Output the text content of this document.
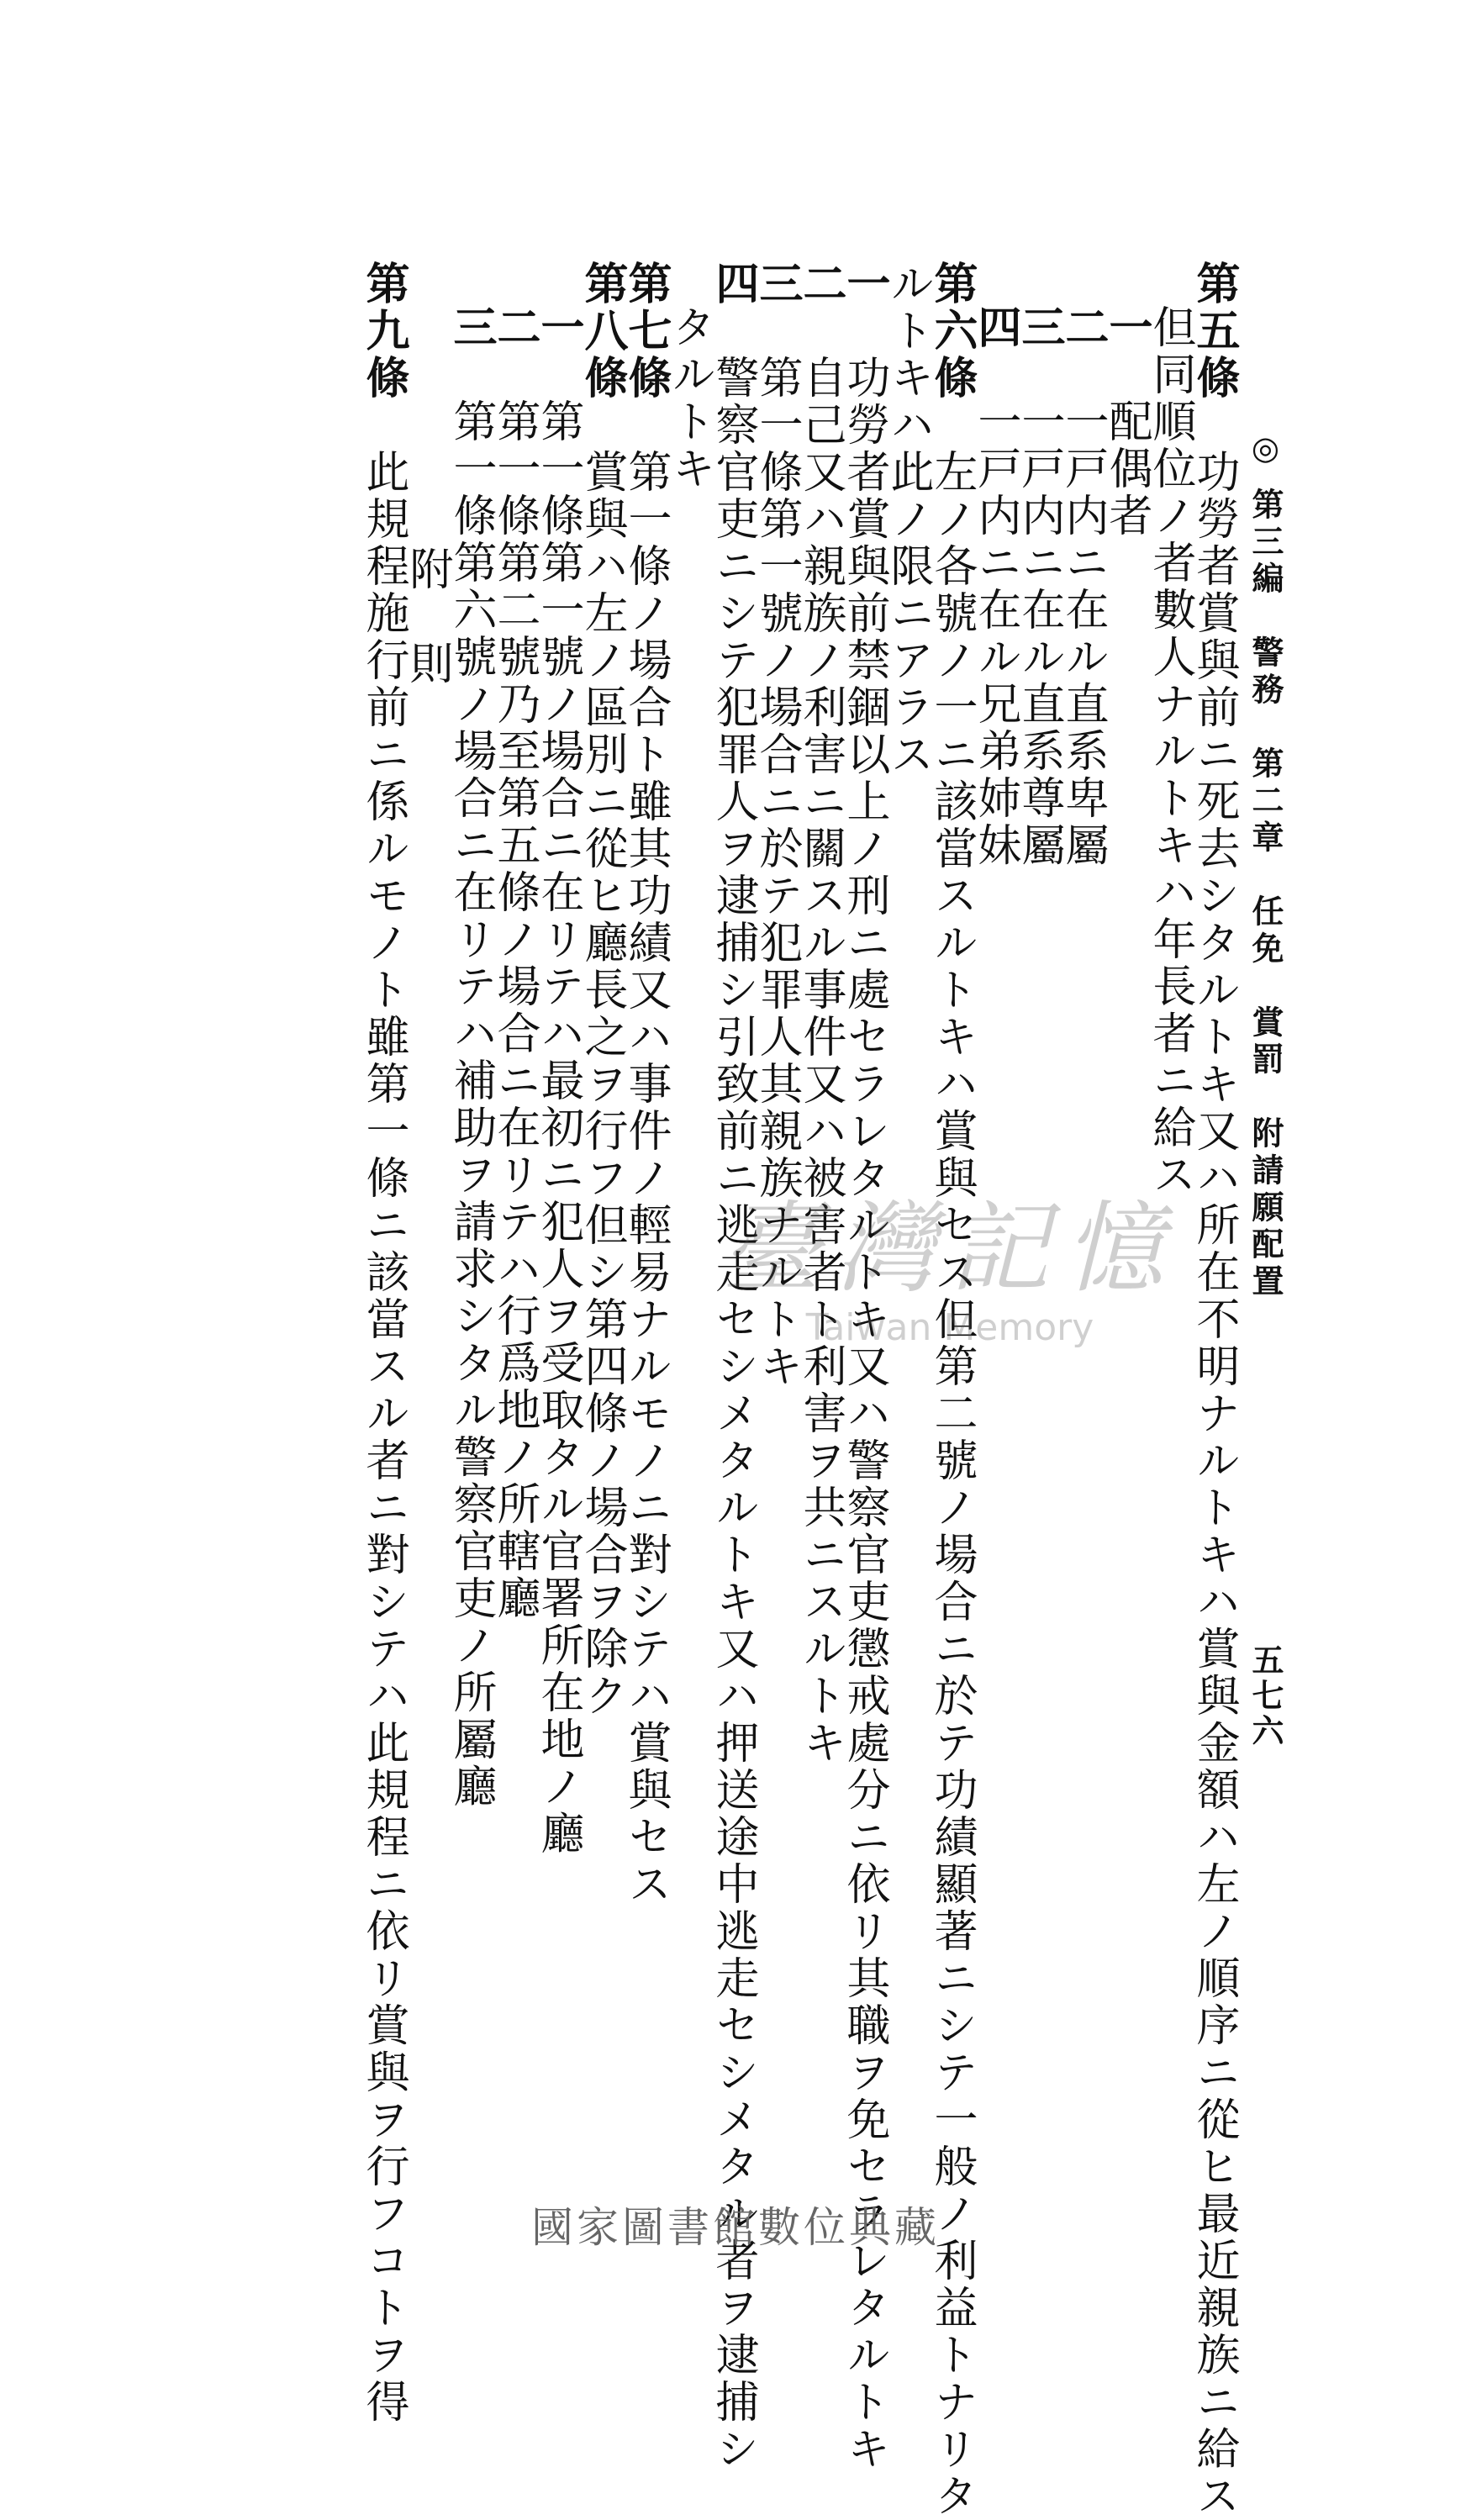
◎ 第三編　警務　第二章　任免　賞罰　附請願配置
五七六
第五條　功勞者賞與前ニ死去シタルトキ又ハ所在不明ナルトキハ賞與金額ハ左ノ順序ニ從ヒ最近親族ニ給ス
但同順位ノ者數人ナルトキハ年長者ニ給ス
一　配偶者
二　一戸内ニ在ル直系卑屬
三　一戸内ニ在ル直系尊屬
四　一戸内ニ在ル兄弟姉妹
第六條　左ノ各號ノ一ニ該當スルトキハ賞與セス但第二號ノ場合ニ於テ功績顯著ニシテ一般ノ利益トナリタ
ルトキハ此ノ限ニアラス
一　功勞者賞與前禁錮以上ノ刑ニ處セラレタルトキ又ハ警察官吏懲戒處分ニ依リ其職ヲ免セラレタルトキ
二　自己又ハ親族ノ利害ニ關スル事件又ハ被害者ト利害ヲ共ニスルトキ
三　第一條第一號ノ場合ニ於テ犯罪人其親族ナルトキ
四　警察官吏ニシテ犯罪人ヲ逮捕シ引致前ニ逃走セシメタルトキ又ハ押送途中逃走セシメタル者ヲ逮捕シ
タルトキ
第七條　第一條ノ場合ト雖其功績又ハ事件ノ輕易ナルモノニ對シテハ賞與セス
第八條　賞與ハ左ノ區別ニ從ヒ廳長之ヲ行フ但シ第四條ノ場合ヲ除ク
一　第一條第一號ノ場合ニ在リテハ最初ニ犯人ヲ受取タル官署所在地ノ廳
二　第一條第二號乃至第五條ノ場合ニ在リテハ行爲地ノ所轄廳
三　第一條第六號ノ場合ニ在リテハ補助ヲ請求シタル警察官吏ノ所屬廳
附　則
第九條　此規程施行前ニ係ルモノト雖第一條ニ該當スル者ニ對シテハ此規程ニ依リ賞與ヲ行フコトヲ得	臺灣記憶
Taiwan Memory
國家圖書館數位典藏
